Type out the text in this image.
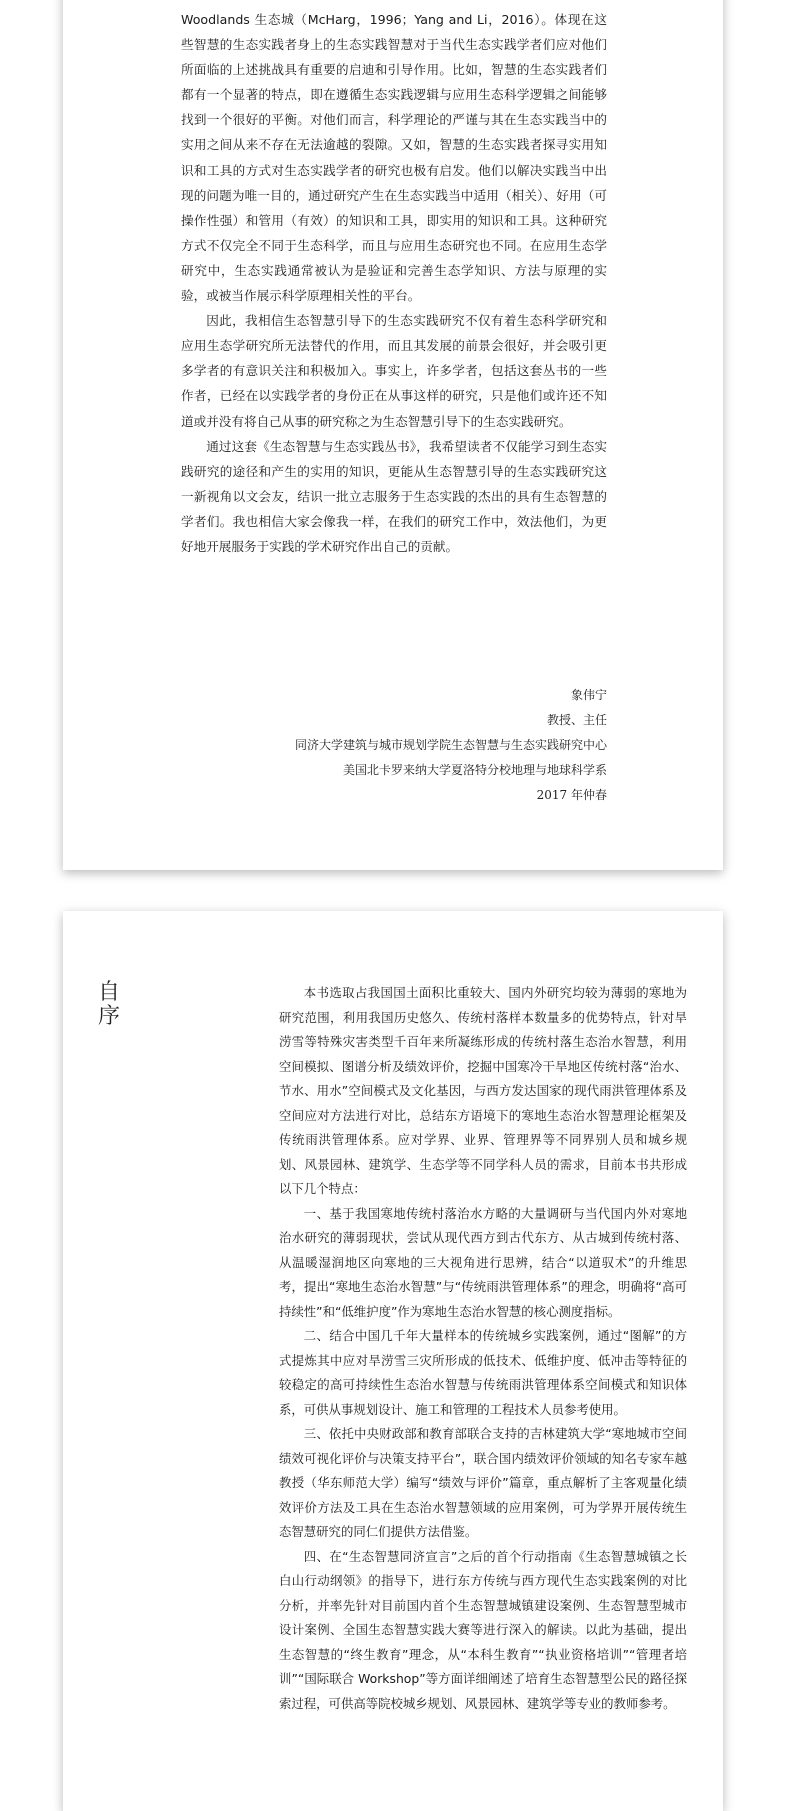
Woodlands 生态城（McHarg，1996；Yang and Li，2016）。体现在这些智慧的生态实践者身上的生态实践智慧对于当代生态实践学者们应对他们所面临的上述挑战具有重要的启迪和引导作用。比如，智慧的生态实践者们都有一个显著的特点，即在遵循生态实践逻辑与应用生态科学逻辑之间能够找到一个很好的平衡。对他们而言，科学理论的严谨与其在生态实践当中的实用之间从来不存在无法逾越的裂隙。又如，智慧的生态实践者探寻实用知识和工具的方式对生态实践学者的研究也极有启发。他们以解决实践当中出现的问题为唯一目的，通过研究产生在生态实践当中适用（相关）、好用（可操作性强）和管用（有效）的知识和工具，即实用的知识和工具。这种研究方式不仅完全不同于生态科学，而且与应用生态研究也不同。在应用生态学研究中，生态实践通常被认为是验证和完善生态学知识、方法与原理的实验，或被当作展示科学原理相关性的平台。

因此，我相信生态智慧引导下的生态实践研究不仅有着生态科学研究和应用生态学研究所无法替代的作用，而且其发展的前景会很好，并会吸引更多学者的有意识关注和积极加入。事实上，许多学者，包括这套丛书的一些作者，已经在以实践学者的身份正在从事这样的研究，只是他们或许还不知道或并没有将自己从事的研究称之为生态智慧引导下的生态实践研究。

通过这套《生态智慧与生态实践丛书》，我希望读者不仅能学习到生态实践研究的途径和产生的实用的知识，更能从生态智慧引导的生态实践研究这一新视角以文会友，结识一批立志服务于生态实践的杰出的具有生态智慧的学者们。我也相信大家会像我一样，在我们的研究工作中，效法他们，为更好地开展服务于实践的学术研究作出自己的贡献。

象伟宁
教授、主任
同济大学建筑与城市规划学院生态智慧与生态实践研究中心
美国北卡罗来纳大学夏洛特分校地理与地球科学系
2017 年仲春
自
序

本书选取占我国国土面积比重较大、国内外研究均较为薄弱的寒地为研究范围，利用我国历史悠久、传统村落样本数量多的优势特点，针对旱涝雪等特殊灾害类型千百年来所凝练形成的传统村落生态治水智慧，利用空间模拟、图谱分析及绩效评价，挖掘中国寒冷干旱地区传统村落“治水、节水、用水”空间模式及文化基因，与西方发达国家的现代雨洪管理体系及空间应对方法进行对比，总结东方语境下的寒地生态治水智慧理论框架及传统雨洪管理体系。应对学界、业界、管理界等不同界别人员和城乡规划、风景园林、建筑学、生态学等不同学科人员的需求，目前本书共形成以下几个特点：

一、基于我国寒地传统村落治水方略的大量调研与当代国内外对寒地治水研究的薄弱现状，尝试从现代西方到古代东方、从古城到传统村落、从温暖湿润地区向寒地的三大视角进行思辨，结合“以道驭术”的升维思考，提出“寒地生态治水智慧”与“传统雨洪管理体系”的理念，明确将“高可持续性”和“低维护度”作为寒地生态治水智慧的核心测度指标。

二、结合中国几千年大量样本的传统城乡实践案例，通过“图解”的方式提炼其中应对旱涝雪三灾所形成的低技术、低维护度、低冲击等特征的较稳定的高可持续性生态治水智慧与传统雨洪管理体系空间模式和知识体系，可供从事规划设计、施工和管理的工程技术人员参考使用。

三、依托中央财政部和教育部联合支持的吉林建筑大学“寒地城市空间绩效可视化评价与决策支持平台”，联合国内绩效评价领域的知名专家车越教授（华东师范大学）编写“绩效与评价”篇章，重点解析了主客观量化绩效评价方法及工具在生态治水智慧领域的应用案例，可为学界开展传统生态智慧研究的同仁们提供方法借鉴。

四、在“生态智慧同济宣言”之后的首个行动指南《生态智慧城镇之长白山行动纲领》的指导下，进行东方传统与西方现代生态实践案例的对比分析，并率先针对目前国内首个生态智慧城镇建设案例、生态智慧型城市设计案例、全国生态智慧实践大赛等进行深入的解读。以此为基础，提出生态智慧的“终生教育”理念，从“本科生教育”“执业资格培训”“管理者培训”“国际联合 Workshop”等方面详细阐述了培育生态智慧型公民的路径探索过程，可供高等院校城乡规划、风景园林、建筑学等专业的教师参考。
